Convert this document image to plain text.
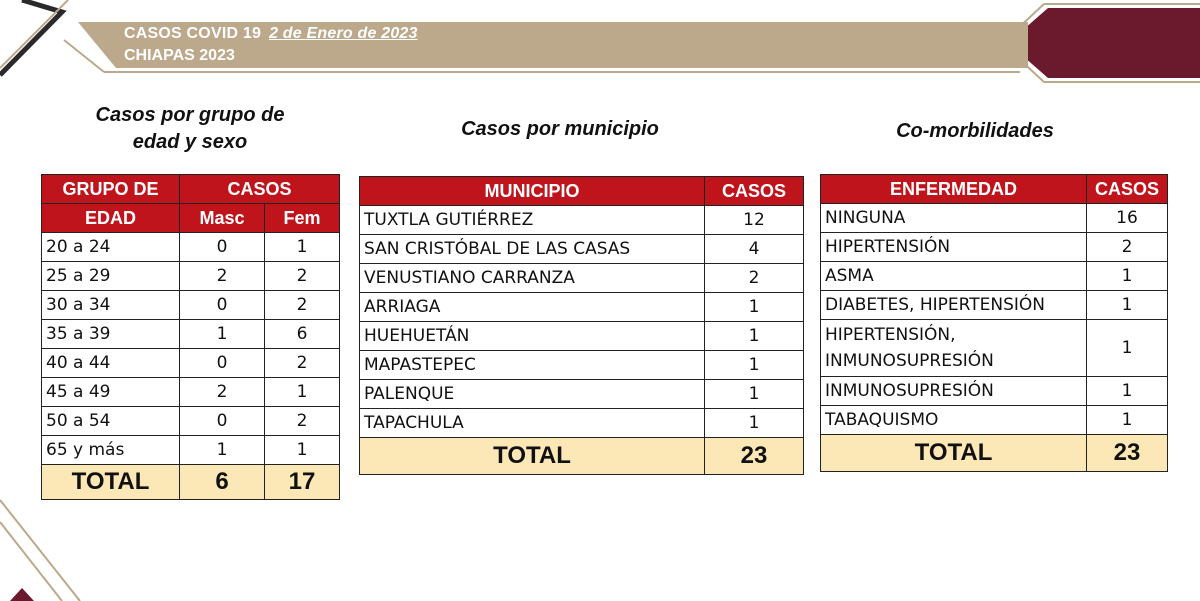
CASOS COVID 19 2 de Enero de 2023
CHIAPAS 2023
Casos por grupo de
edad y sexo
Casos por municipio	Co-morbilidades
GRUPO DE	CASOS	
EDAD	Masc	Fem
20 a 24	0	1
25 a 29	2	2
30 a 34	0	2
35 a 39	1	6
40 a 44	0	2
45 a 49	2	1
50 a 54	0	2
65 y más	1	1
TOTAL	6	17
MUNICIPIO	CASOS
TUXTLA GUTIÉRREZ	12
SAN CRISTÓBAL DE LAS CASAS	4
VENUSTIANO CARRANZA	2
ARRIAGA	1
HUEHUETÁN	1
MAPASTEPEC	1
PALENQUE	1
TAPACHULA	1
TOTAL	23
ENFERMEDAD	CASOS
NINGUNA	16
HIPERTENSIÓN	2
ASMA	1
DIABETES, HIPERTENSIÓN	1

HIPERTENSIÓN,
INMUNOSUPRESIÓN	1
INMUNOSUPRESIÓN	1
TABAQUISMO	1
TOTAL	23
